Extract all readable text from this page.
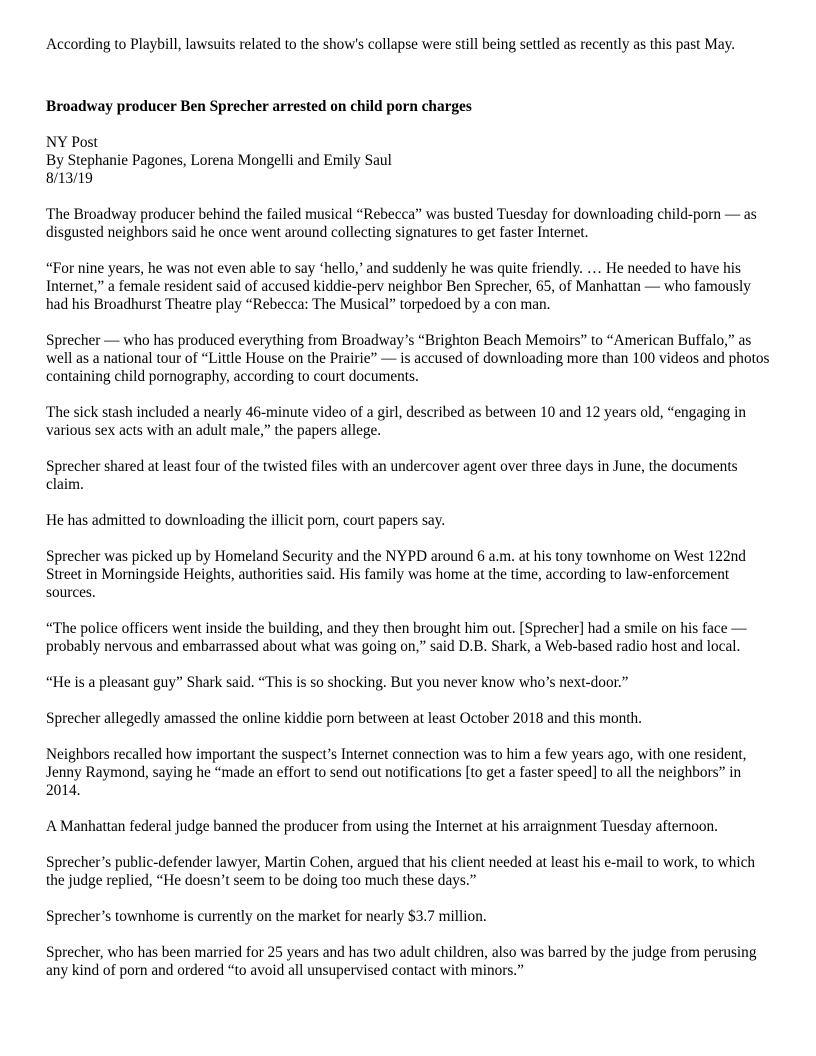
According to Playbill, lawsuits related to the show's collapse were still being settled as recently as this past May.

Broadway producer Ben Sprecher arrested on child porn charges

NY Post
By Stephanie Pagones, Lorena Mongelli and Emily Saul
8/13/19

The Broadway producer behind the failed musical “Rebecca” was busted Tuesday for downloading child-porn — as disgusted neighbors said he once went around collecting signatures to get faster Internet.

“For nine years, he was not even able to say ‘hello,’ and suddenly he was quite friendly. … He needed to have his Internet,” a female resident said of accused kiddie-perv neighbor Ben Sprecher, 65, of Manhattan — who famously had his Broadhurst Theatre play “Rebecca: The Musical” torpedoed by a con man.

Sprecher — who has produced everything from Broadway’s “Brighton Beach Memoirs” to “American Buffalo,” as well as a national tour of “Little House on the Prairie” — is accused of downloading more than 100 videos and photos containing child pornography, according to court documents.

The sick stash included a nearly 46-minute video of a girl, described as between 10 and 12 years old, “engaging in various sex acts with an adult male,” the papers allege.

Sprecher shared at least four of the twisted files with an undercover agent over three days in June, the documents claim.

He has admitted to downloading the illicit porn, court papers say.

Sprecher was picked up by Homeland Security and the NYPD around 6 a.m. at his tony townhome on West 122nd Street in Morningside Heights, authorities said. His family was home at the time, according to law-enforcement sources.

“The police officers went inside the building, and they then brought him out. [Sprecher] had a smile on his face — probably nervous and embarrassed about what was going on,” said D.B. Shark, a Web-based radio host and local.

“He is a pleasant guy” Shark said. “This is so shocking. But you never know who’s next-door.”

Sprecher allegedly amassed the online kiddie porn between at least October 2018 and this month.

Neighbors recalled how important the suspect’s Internet connection was to him a few years ago, with one resident, Jenny Raymond, saying he “made an effort to send out notifications [to get a faster speed] to all the neighbors” in 2014.

A Manhattan federal judge banned the producer from using the Internet at his arraignment Tuesday afternoon.

Sprecher’s public-defender lawyer, Martin Cohen, argued that his client needed at least his e-mail to work, to which the judge replied, “He doesn’t seem to be doing too much these days.”

Sprecher’s townhome is currently on the market for nearly $3.7 million.

Sprecher, who has been married for 25 years and has two adult children, also was barred by the judge from perusing any kind of porn and ordered “to avoid all unsupervised contact with minors.”
